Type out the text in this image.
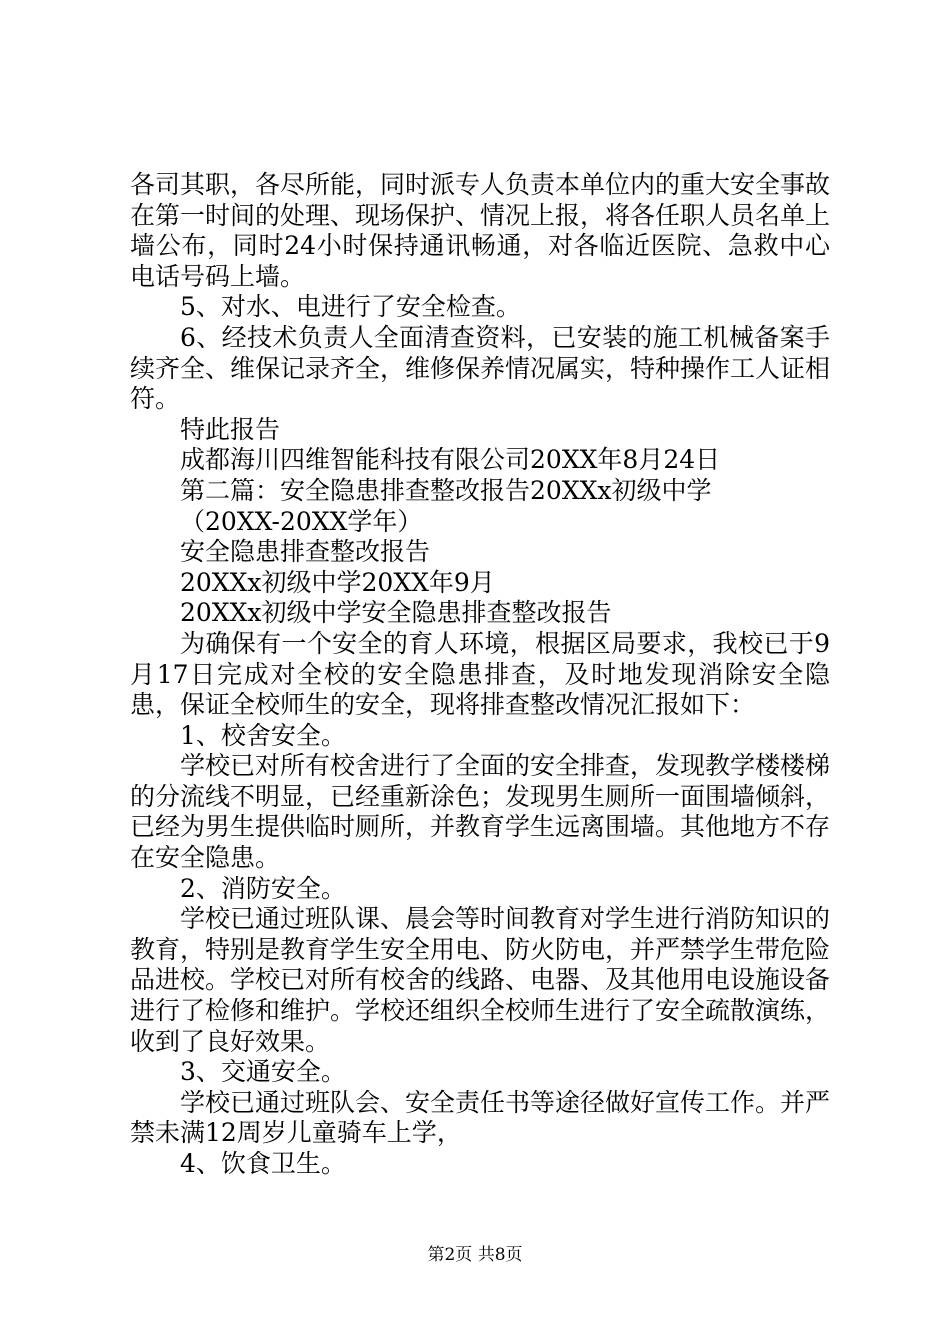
各司其职，各尽所能，同时派专人负责本单位内的重大安全事故在第一时间的处理、现场保护、情况上报，将各任职人员名单上墙公布，同时24小时保持通讯畅通，对各临近医院、急救中心电话号码上墙。

5、对水、电进行了安全检查。

6、经技术负责人全面清查资料，已安装的施工机械备案手续齐全、维保记录齐全，维修保养情况属实，特种操作工人证相符。

特此报告

成都海川四维智能科技有限公司20XX年8月24日

第二篇：安全隐患排查整改报告20XXx初级中学

（20XX-20XX学年）

安全隐患排查整改报告

20XXx初级中学20XX年9月

20XXx初级中学安全隐患排查整改报告

为确保有一个安全的育人环境，根据区局要求，我校已于9月17日完成对全校的安全隐患排查，及时地发现消除安全隐患，保证全校师生的安全，现将排查整改情况汇报如下：

1、校舍安全。

学校已对所有校舍进行了全面的安全排查，发现教学楼楼梯的分流线不明显，已经重新涂色；发现男生厕所一面围墙倾斜，已经为男生提供临时厕所，并教育学生远离围墙。其他地方不存在安全隐患。

2、消防安全。

学校已通过班队课、晨会等时间教育对学生进行消防知识的教育，特别是教育学生安全用电、防火防电，并严禁学生带危险品进校。学校已对所有校舍的线路、电器、及其他用电设施设备进行了检修和维护。学校还组织全校师生进行了安全疏散演练，收到了良好效果。

3、交通安全。

学校已通过班队会、安全责任书等途径做好宣传工作。并严禁未满12周岁儿童骑车上学，

4、饮食卫生。

第2页 共8页
